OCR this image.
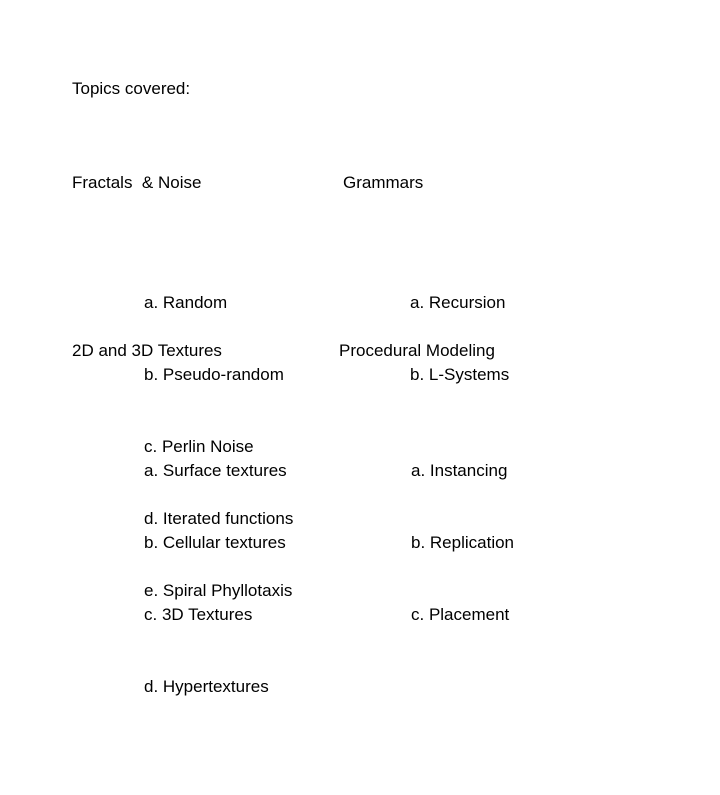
Topics covered:

Fractals  & Noise

a. Random

b. Pseudo-random

c. Perlin Noise

d. Iterated functions

e. Spiral Phyllotaxis

Grammars

a. Recursion

b. L-Systems

2D and 3D Textures

a. Surface textures

b. Cellular textures

c. 3D Textures

d. Hypertextures

Procedural Modeling

a. Instancing

b. Replication

c. Placement
